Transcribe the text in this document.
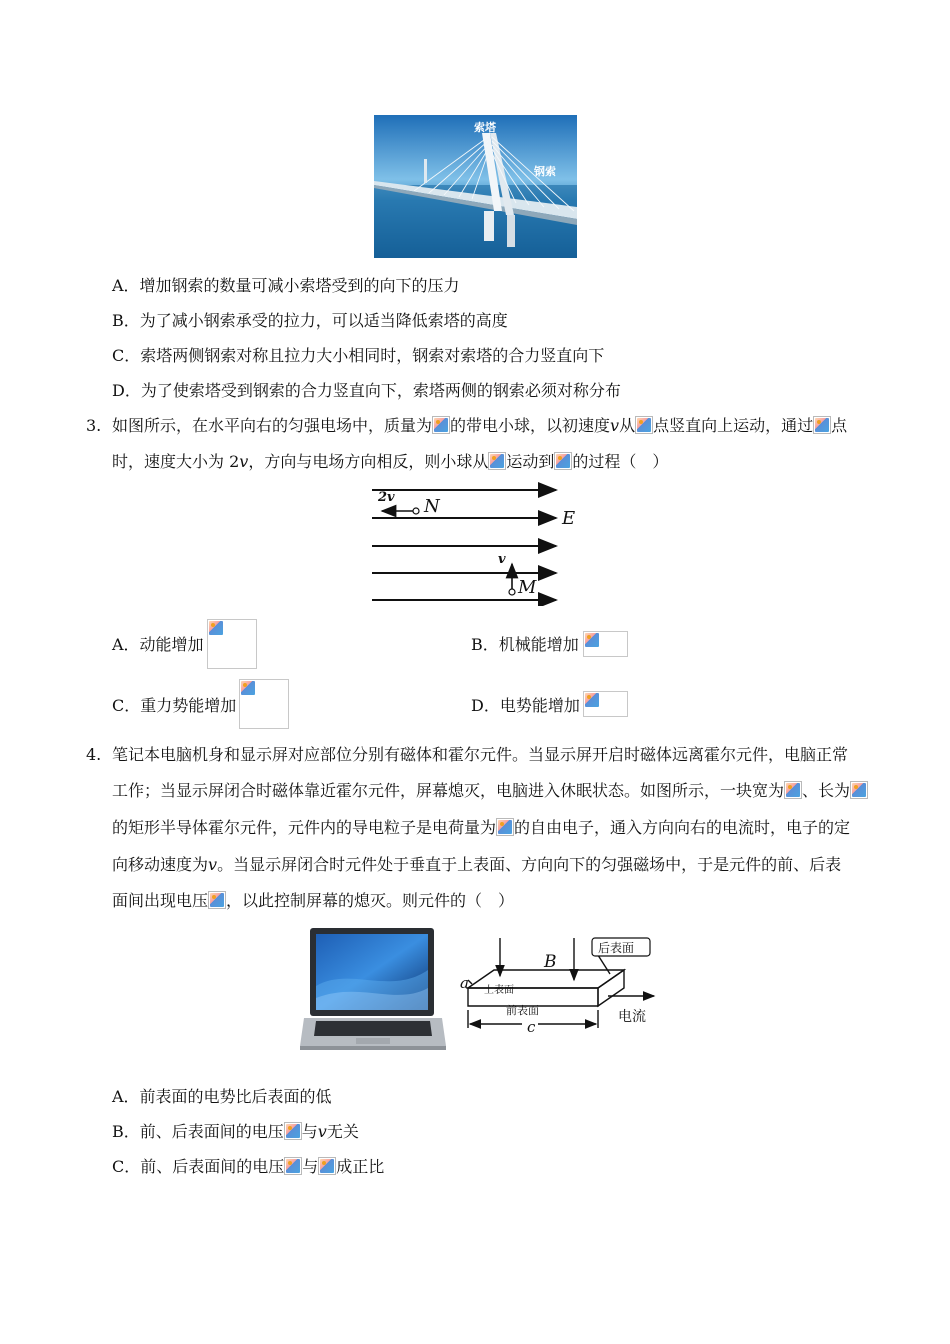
索塔
钢索
A．增加钢索的数量可减小索塔受到的向下的压力
B．为了减小钢索承受的拉力，可以适当降低索塔的高度
C．索塔两侧钢索对称且拉力大小相同时，钢索对索塔的合力竖直向下
D．为了使索塔受到钢索的合力竖直向下，索塔两侧的钢索必须对称分布
3. 如图所示，在水平向右的匀强电场中，质量为 的带电小球，以初速度v从 点竖直向上运动，通过 点
时，速度大小为 2v，方向与电场方向相反，则小球从 运动到 的过程（　）
2v N
E
v
M
A．动能增加	B．机械能增加
C．重力势能增加	D．电势能增加
4. 笔记本电脑机身和显示屏对应部位分别有磁体和霍尔元件。当显示屏开启时磁体远离霍尔元件，电脑正常
工作；当显示屏闭合时磁体靠近霍尔元件，屏幕熄灭，电脑进入休眠状态。如图所示，一块宽为 、长为
的矩形半导体霍尔元件，元件内的导电粒子是电荷量为 的自由电子，通入方向向右的电流时，电子的定
向移动速度为v。当显示屏闭合时元件处于垂直于上表面、方向向下的匀强磁场中，于是元件的前、后表
面间出现电压 ，以此控制屏幕的熄灭。则元件的（　）
B
后表面
上表面
前表面
a
c
电流
A．前表面的电势比后表面的低
B．前、后表面间的电压 与v无关
C．前、后表面间的电压 与 成正比
